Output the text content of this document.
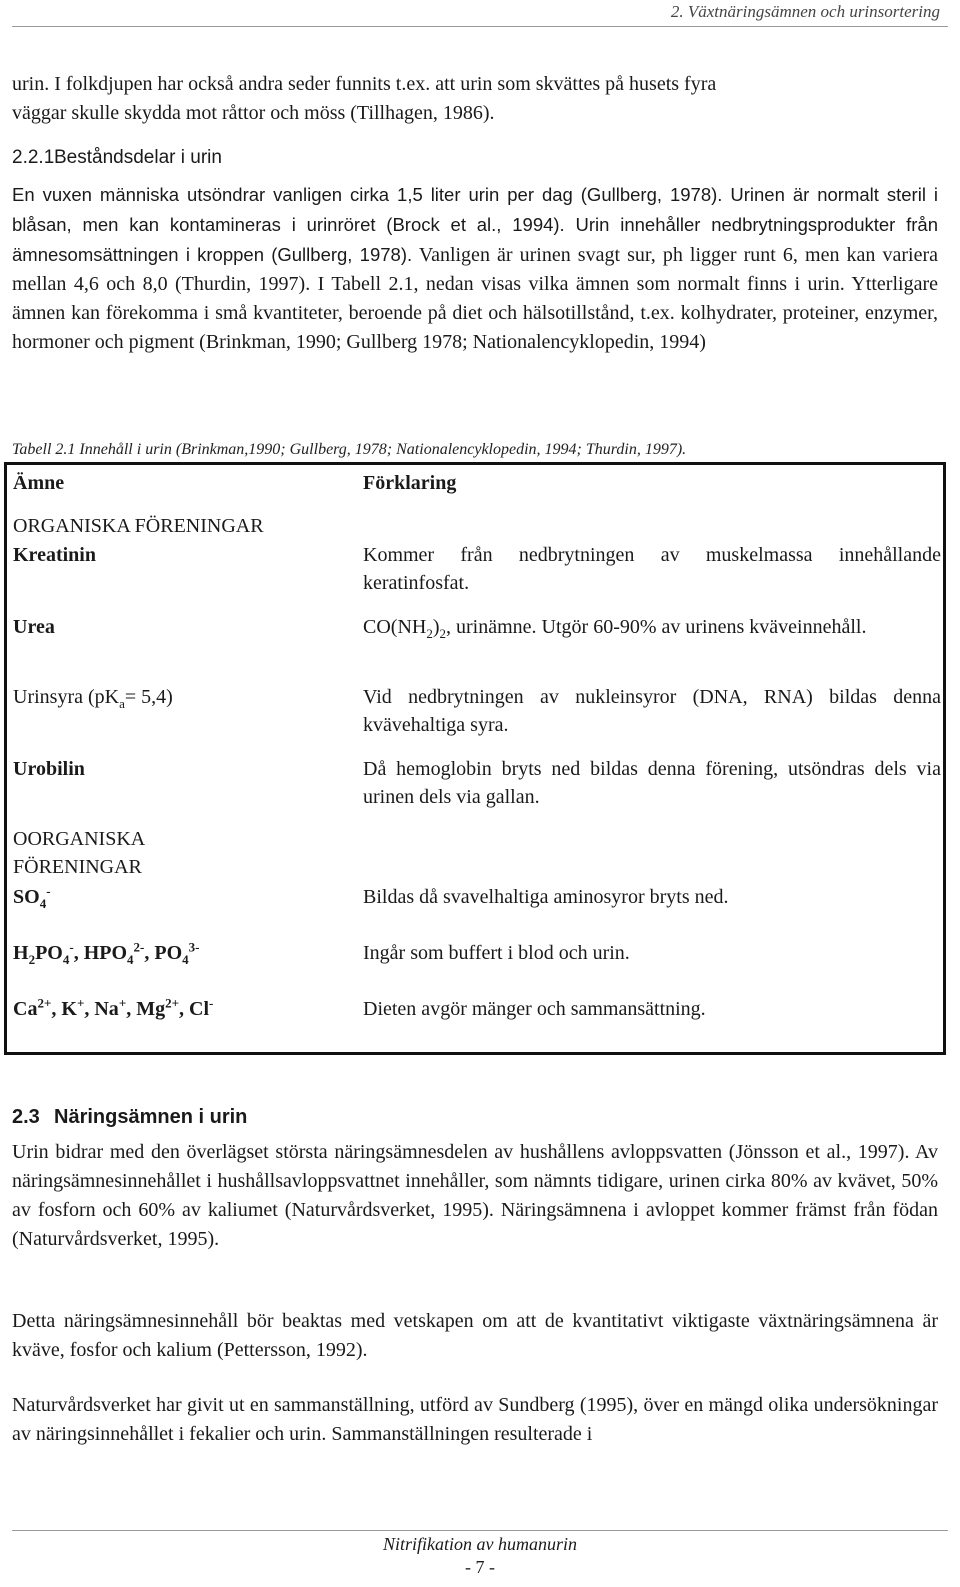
2. Växtnäringsämnen och urinsortering

urin. I folkdjupen har också andra seder funnits t.ex. att urin som skvättes på husets fyra

väggar skulle skydda mot råttor och möss (Tillhagen, 1986).

2.2.1Beståndsdelar i urin

En vuxen människa utsöndrar vanligen cirka 1,5 liter urin per dag (Gullberg, 1978). Urinen är normalt steril i blåsan, men kan kontamineras i urinröret (Brock et al., 1994). Urin innehåller nedbrytningsprodukter från ämnesomsättningen i kroppen (Gullberg, 1978). Vanligen är urinen svagt sur, ph ligger runt 6, men kan variera mellan 4,6 och 8,0 (Thurdin, 1997). I Tabell 2.1, nedan visas vilka ämnen som normalt finns i urin. Ytterligare ämnen kan förekomma i små kvantiteter, beroende på diet och hälsotillstånd, t.ex. kolhydrater, proteiner, enzymer, hormoner och pigment (Brinkman, 1990; Gullberg 1978; Nationalencyklopedin, 1994)

Tabell 2.1 Innehåll i urin (Brinkman,1990; Gullberg, 1978; Nationalencyklopedin, 1994; Thurdin, 1997).
Ämne	Förklaring
ORGANISKA FÖRENINGAR
Kreatinin	Kommer från nedbrytningen av muskelmassa innehållande keratinfosfat.
Urea	$CO(NH_2)_2$, urinämne. Utgör 60-90% av urinens kväveinnehåll.
Urinsyra $(pK_a= 5,4)$	Vid nedbrytningen av nukleinsyror (DNA, RNA) bildas denna kvävehaltiga syra.
Urobilin	Då hemoglobin bryts ned bildas denna förening, utsöndras dels via urinen dels via gallan.
OORGANISKA
FÖRENINGAR
$SO_4^-$	Bildas då svavelhaltiga aminosyror bryts ned.
$H_2PO_4^-$, $HPO_4^{2-}$, $PO_4^{3-}$	Ingår som buffert i blod och urin.
$Ca^{2+}$, K+, Na+, $Mg^{2+}$, Cl-	Dieten avgör mänger och sammansättning.
2.3 Näringsämnen i urin

Urin bidrar med den överlägset största näringsämnesdelen av hushållens avloppsvatten (Jönsson et al., 1997). Av näringsämnesinnehållet i hushållsavloppsvattnet innehåller, som nämnts tidigare, urinen cirka 80% av kvävet, 50% av fosforn och 60% av kaliumet (Naturvårdsverket, 1995). Näringsämnena i avloppet kommer främst från födan (Naturvårdsverket, 1995).

Detta näringsämnesinnehåll bör beaktas med vetskapen om att de kvantitativt viktigaste växtnäringsämnena är kväve, fosfor och kalium (Pettersson, 1992).

Naturvårdsverket har givit ut en sammanställning, utförd av Sundberg (1995), över en mängd olika undersökningar av näringsinnehållet i fekalier och urin. Sammanställningen resulterade i

Nitrifikation av humanurin
- 7 -
